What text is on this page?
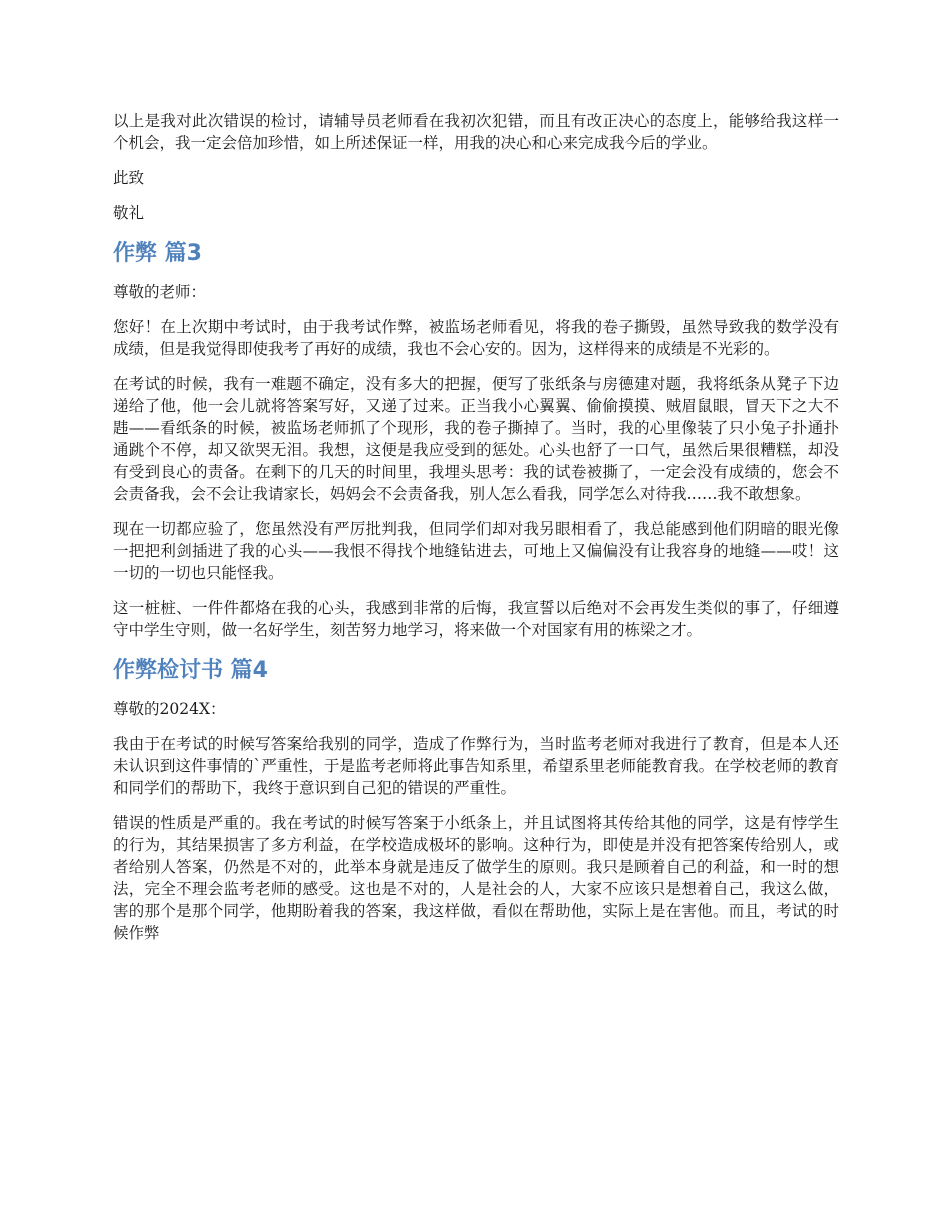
以上是我对此次错误的检讨，请辅导员老师看在我初次犯错，而且有改正决心的态度上，能够给我这样一个机会，我一定会倍加珍惜，如上所述保证一样，用我的决心和心来完成我今后的学业。

此致

敬礼

作弊 篇3

尊敬的老师：

您好！在上次期中考试时，由于我考试作弊，被监场老师看见，将我的卷子撕毁，虽然导致我的数学没有成绩，但是我觉得即使我考了再好的成绩，我也不会心安的。因为，这样得来的成绩是不光彩的。

在考试的时候，我有一难题不确定，没有多大的把握，便写了张纸条与房德建对题，我将纸条从凳子下边递给了他，他一会儿就将答案写好，又递了过来。正当我小心翼翼、偷偷摸摸、贼眉鼠眼，冒天下之大不韪——看纸条的时候，被监场老师抓了个现形，我的卷子撕掉了。当时，我的心里像装了只小兔子扑通扑通跳个不停，却又欲哭无泪。我想，这便是我应受到的惩处。心头也舒了一口气，虽然后果很糟糕，却没有受到良心的责备。在剩下的几天的时间里，我埋头思考：我的试卷被撕了，一定会没有成绩的，您会不会责备我，会不会让我请家长，妈妈会不会责备我，别人怎么看我，同学怎么对待我……我不敢想象。

现在一切都应验了，您虽然没有严厉批判我，但同学们却对我另眼相看了，我总能感到他们阴暗的眼光像一把把利剑插进了我的心头——我恨不得找个地缝钻进去，可地上又偏偏没有让我容身的地缝——哎！这一切的一切也只能怪我。

这一桩桩、一件件都烙在我的心头，我感到非常的后悔，我宣誓以后绝对不会再发生类似的事了，仔细遵守中学生守则，做一名好学生，刻苦努力地学习，将来做一个对国家有用的栋梁之才。

作弊检讨书 篇4

尊敬的2024X：

我由于在考试的时候写答案给我别的同学，造成了作弊行为，当时监考老师对我进行了教育，但是本人还未认识到这件事情的`严重性，于是监考老师将此事告知系里，希望系里老师能教育我。在学校老师的教育和同学们的帮助下，我终于意识到自己犯的错误的严重性。

错误的性质是严重的。我在考试的时候写答案于小纸条上，并且试图将其传给其他的同学，这是有悖学生的行为，其结果损害了多方利益，在学校造成极坏的影响。这种行为，即使是并没有把答案传给别人，或者给别人答案，仍然是不对的，此举本身就是违反了做学生的原则。我只是顾着自己的利益，和一时的想法，完全不理会监考老师的感受。这也是不对的，人是社会的人，大家不应该只是想着自己，我这么做，害的那个是那个同学，他期盼着我的答案，我这样做，看似在帮助他，实际上是在害他。而且，考试的时候作弊
